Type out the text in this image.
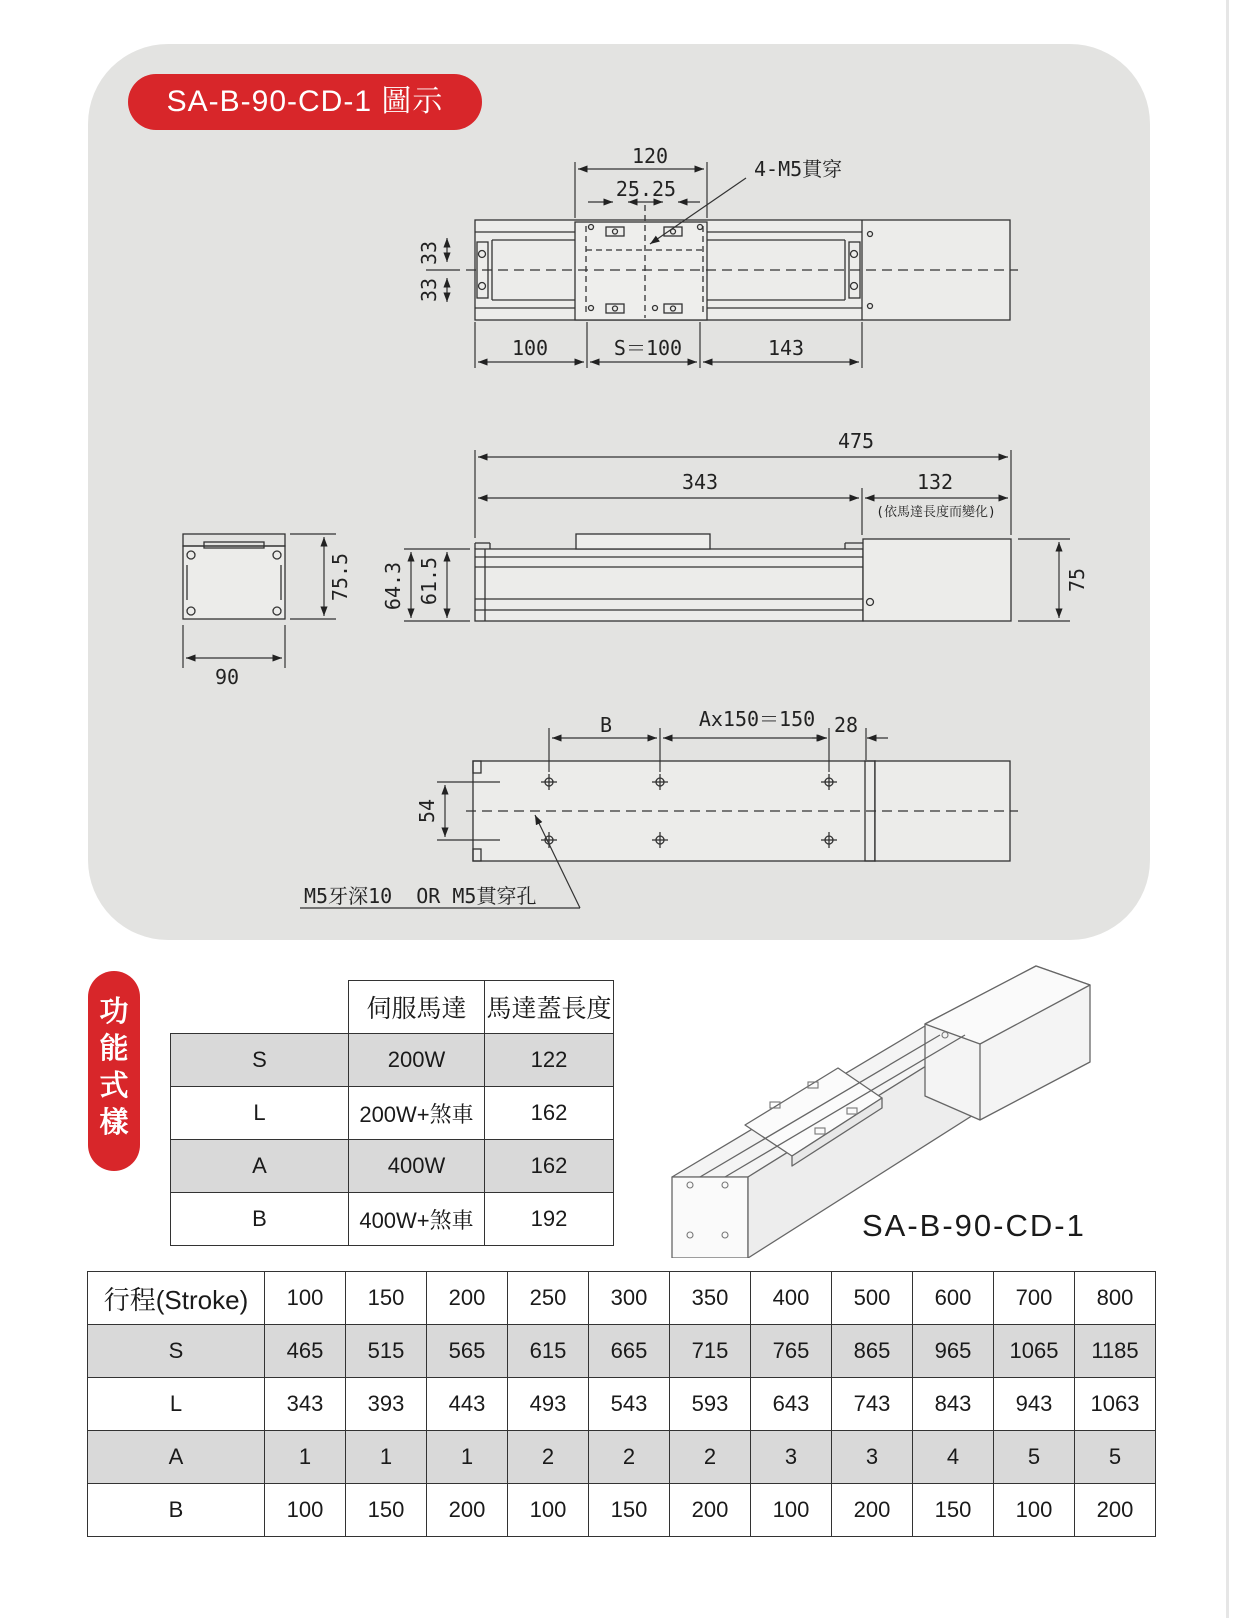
SA-B-90-CD-1 圖示
120
25.25
4-M5貫穿
33
33
100	S＝100	143
475
343	132
(依馬達長度而變化)
64.3 61.5	75
75.5
90
B	Ax150＝150 28
54
M5牙深10  OR M5貫穿孔
功
能
式
樣
	伺服馬達	馬達蓋長度
S	200W	122
L	200W+煞車	162
A	400W	162
B	400W+煞車	192	SA-B-90-CD-1
行程(Stroke)	100	150	200	250	300	350	400	500	600	700	800
S	465	515	565	615	665	715	765	865	965	1065	1185
L	343	393	443	493	543	593	643	743	843	943	1063
A	1	1	1	2	2	2	3	3	4	5	5
B	100	150	200	100	150	200	100	200	150	100	200
